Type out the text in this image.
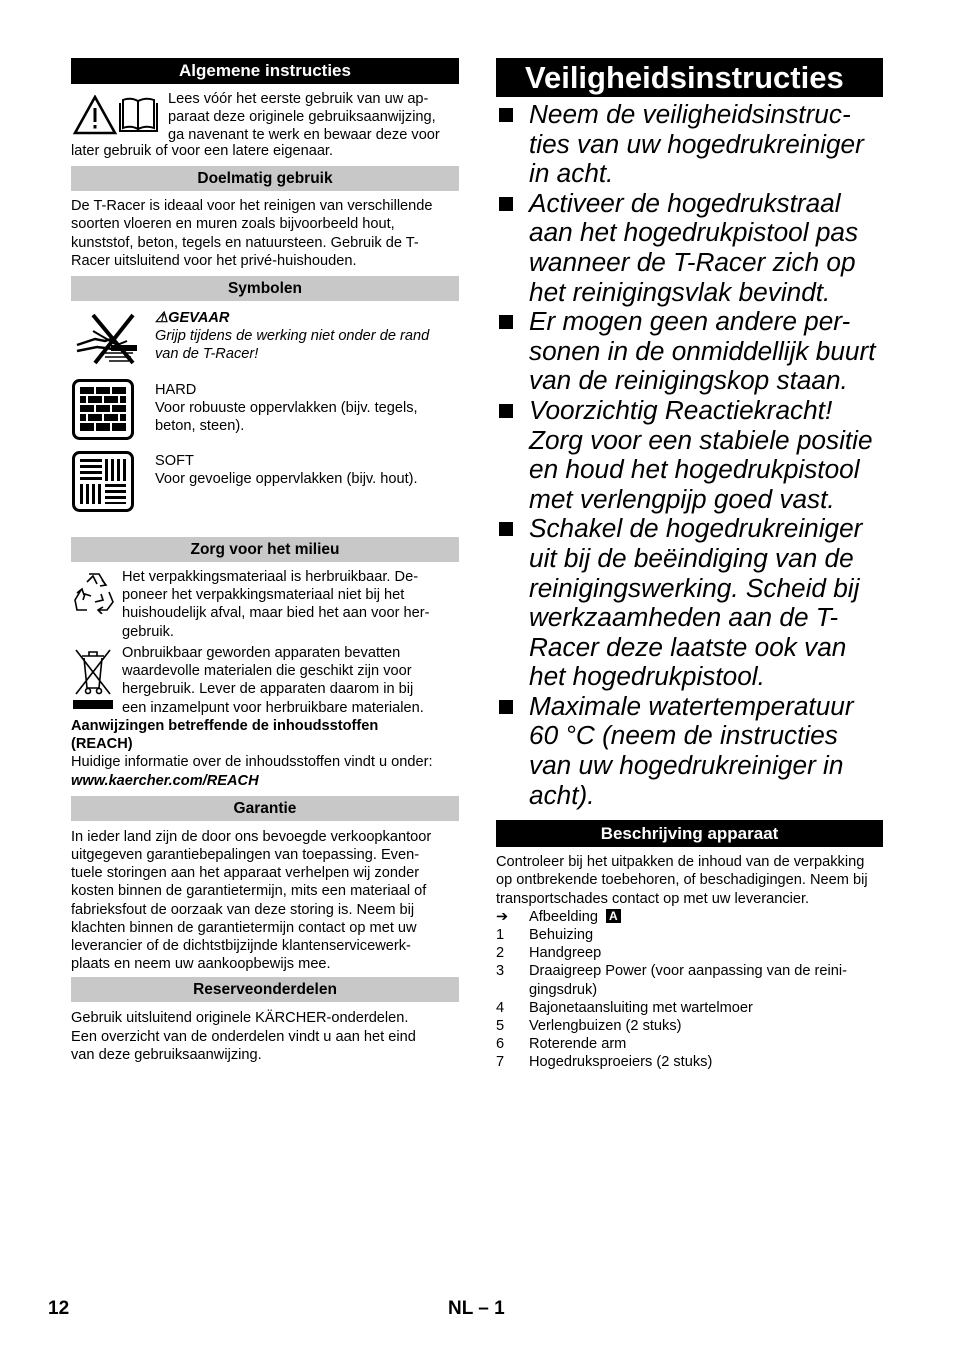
Algemene instructies

Lees vóór het eerste gebruik van uw ap-

paraat deze originele gebruiksaanwijzing,

ga navenant te werk en bewaar deze voor

later gebruik of voor een latere eigenaar.

Doelmatig gebruik

De T-Racer is ideaal voor het reinigen van verschillende

soorten vloeren en muren zoals bijvoorbeeld hout,

kunststof, beton, tegels en natuursteen. Gebruik de T-

Racer uitsluitend voor het privé-huishouden.

Symbolen

⚠GEVAAR

Grijp tijdens de werking niet onder de rand

van de T-Racer!

HARD

Voor robuuste oppervlakken (bijv. tegels,

beton, steen).

SOFT

Voor gevoelige oppervlakken (bijv. hout).

Zorg voor het milieu

Het verpakkingsmateriaal is herbruikbaar. De-

poneer het verpakkingsmateriaal niet bij het

huishoudelijk afval, maar bied het aan voor her-

gebruik.

Onbruikbaar geworden apparaten bevatten

waardevolle materialen die geschikt zijn voor

hergebruik. Lever de apparaten daarom in bij

een inzamelpunt voor herbruikbare materialen.

Aanwijzingen betreffende de inhoudsstoffen

(REACH)

Huidige informatie over de inhoudsstoffen vindt u onder:

www.kaercher.com/REACH

Garantie

In ieder land zijn de door ons bevoegde verkoopkantoor

uitgegeven garantiebepalingen van toepassing. Even-

tuele storingen aan het apparaat verhelpen wij zonder

kosten binnen de garantietermijn, mits een materiaal of

fabrieksfout de oorzaak van deze storing is. Neem bij

klachten binnen de garantietermijn contact op met uw

leverancier of de dichtstbijzijnde klantenservicewerk-

plaats en neem uw aankoopbewijs mee.

Reserveonderdelen

Gebruik uitsluitend originele KÄRCHER-onderdelen.

Een overzicht van de onderdelen vindt u aan het eind

van deze gebruiksaanwijzing.

Veiligheidsinstructies

Neem de veiligheidsinstruc-

ties van uw hogedrukreiniger

in acht.

Activeer de hogedrukstraal

aan het hogedrukpistool pas

wanneer de T-Racer zich op

het reinigingsvlak bevindt.

Er mogen geen andere per-

sonen in de onmiddellijk buurt

van de reinigingskop staan.

Voorzichtig Reactiekracht!

Zorg voor een stabiele positie

en houd het hogedrukpistool

met verlengpijp goed vast.

Schakel de hogedrukreiniger

uit bij de beëindiging van de

reinigingswerking. Scheid bij

werkzaamheden aan de T-

Racer deze laatste ook van

het hogedrukpistool.

Maximale watertemperatuur

60 °C (neem de instructies

van uw hogedrukreiniger in

acht).

Beschrijving apparaat

Controleer bij het uitpakken de inhoud van de verpakking

op ontbrekende toebehoren, of beschadigingen. Neem bij

transportschades contact op met uw leverancier.

➔ Afbeelding A
1 Behuizing
2 Handgreep
3 Draaigreep Power (voor aanpassing van de reini-

gingsdruk)

4 Bajonetaansluiting met wartelmoer
5 Verlengbuizen (2 stuks)
6 Roterende arm
7 Hogedruksproeiers (2 stuks)
12	NL – 1
